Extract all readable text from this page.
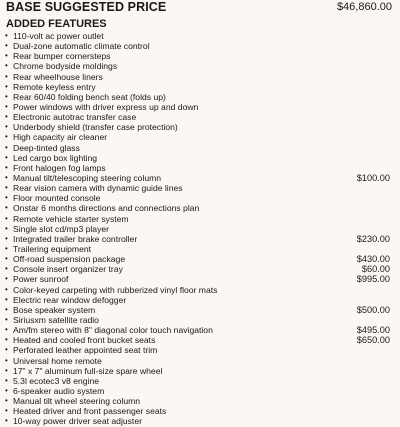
BASE SUGGESTED PRICE	$46,860.00
ADDED FEATURES
• 110-volt ac power outlet
• Dual-zone automatic climate control
• Rear bumper cornersteps
• Chrome bodyside moldings
• Rear wheelhouse liners
• Remote keyless entry
• Rear 60/40 folding bench seat (folds up)
• Power windows with driver express up and down
• Electronic autotrac transfer case
• Underbody shield (transfer case protection)
• High capacity air cleaner
• Deep-tinted glass
• Led cargo box lighting
• Front halogen fog lamps
• Manual tilt/telescoping steering column	$100.00
• Rear vision camera with dynamic guide lines
• Floor mounted console
• Onstar 6 months directions and connections plan
• Remote vehicle starter system
• Single slot cd/mp3 player
• Integrated trailer brake controller	$230.00
• Trailering equipment
• Off-road suspension package	$430.00
• Console insert organizer tray	$60.00
• Power sunroof	$995.00
• Color-keyed carpeting with rubberized vinyl floor mats
• Electric rear window defogger
• Bose speaker system	$500.00
• Siriusxm satellite radio
• Am/fm stereo with 8" diagonal color touch navigation	$495.00
• Heated and cooled front bucket seats	$650.00
• Perforated leather appointed seat trim
• Universal home remote
• 17" x 7" aluminum full-size spare wheel
• 5.3l ecotec3 v8 engine
• 6-speaker audio system
• Manual tilt wheel steering column
• Heated driver and front passenger seats
• 10-way power driver seat adjuster
